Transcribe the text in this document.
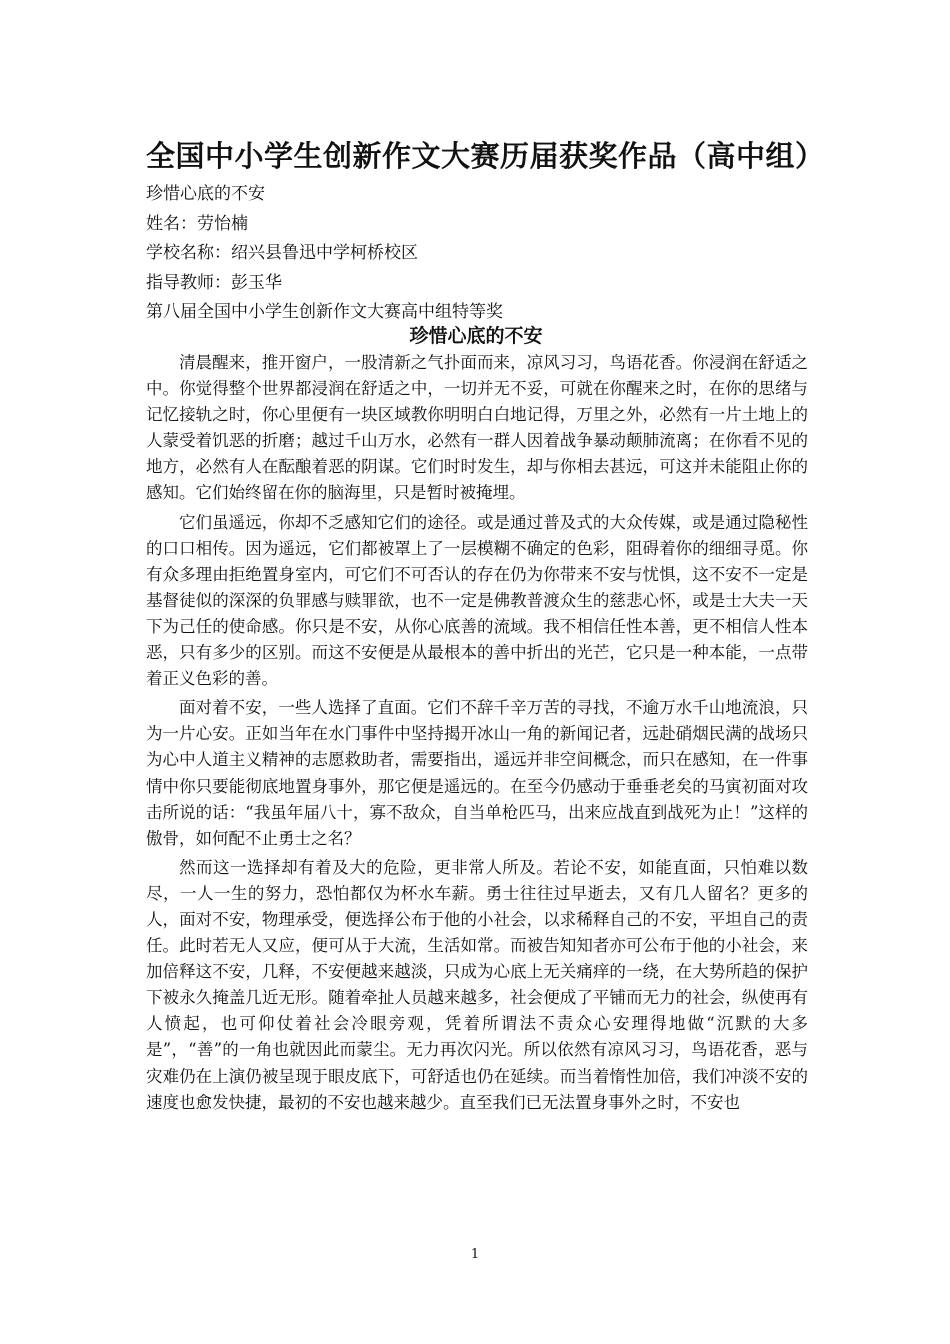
全国中小学生创新作文大赛历届获奖作品（高中组）

珍惜心底的不安

姓名：劳怡楠

学校名称：绍兴县鲁迅中学柯桥校区

指导教师：彭玉华

第八届全国中小学生创新作文大赛高中组特等奖

珍惜心底的不安

清晨醒来，推开窗户，一股清新之气扑面而来，凉风习习，鸟语花香。你浸润在舒适之中。你觉得整个世界都浸润在舒适之中，一切并无不妥，可就在你醒来之时，在你的思绪与记忆接轨之时，你心里便有一块区域教你明明白白地记得，万里之外，必然有一片土地上的人蒙受着饥恶的折磨；越过千山万水，必然有一群人因着战争暴动颠肺流离；在你看不见的地方，必然有人在酝酿着恶的阴谋。它们时时发生，却与你相去甚远，可这并未能阻止你的感知。它们始终留在你的脑海里，只是暂时被掩埋。

它们虽遥远，你却不乏感知它们的途径。或是通过普及式的大众传媒，或是通过隐秘性的口口相传。因为遥远，它们都被罩上了一层模糊不确定的色彩，阻碍着你的细细寻觅。你有众多理由拒绝置身室内，可它们不可否认的存在仍为你带来不安与忧惧，这不安不一定是基督徒似的深深的负罪感与赎罪欲，也不一定是佛教普渡众生的慈悲心怀，或是士大夫一天下为己任的使命感。你只是不安，从你心底善的流域。我不相信任性本善，更不相信人性本恶，只有多少的区别。而这不安便是从最根本的善中折出的光芒，它只是一种本能，一点带着正义色彩的善。

面对着不安，一些人选择了直面。它们不辞千辛万苦的寻找，不逾万水千山地流浪，只为一片心安。正如当年在水门事件中坚持揭开冰山一角的新闻记者，远赴硝烟民满的战场只为心中人道主义精神的志愿救助者，需要指出，遥远并非空间概念，而只在感知，在一件事情中你只要能彻底地置身事外，那它便是遥远的。在至今仍感动于垂垂老矣的马寅初面对攻击所说的话：“我虽年届八十，寡不敌众，自当单枪匹马，出来应战直到战死为止！”这样的傲骨，如何配不止勇士之名？

然而这一选择却有着及大的危险，更非常人所及。若论不安，如能直面，只怕难以数尽，一人一生的努力，恐怕都仅为杯水车薪。勇士往往过早逝去，又有几人留名？更多的人，面对不安，物理承受，便选择公布于他的小社会，以求稀释自己的不安，平坦自己的责任。此时若无人又应，便可从于大流，生活如常。而被告知知者亦可公布于他的小社会，来加倍释这不安，几释，不安便越来越淡，只成为心底上无关痛痒的一绕，在大势所趋的保护下被永久掩盖几近无形。随着牵扯人员越来越多，社会便成了平铺而无力的社会，纵使再有人愤起，也可仰仗着社会冷眼旁观，凭着所谓法不责众心安理得地做“沉默的大多是”，“善”的一角也就因此而蒙尘。无力再次闪光。所以依然有凉风习习，鸟语花香，恶与灾难仍在上演仍被呈现于眼皮底下，可舒适也仍在延续。而当着惰性加倍，我们冲淡不安的速度也愈发快捷，最初的不安也越来越少。直至我们已无法置身事外之时，不安也

1
